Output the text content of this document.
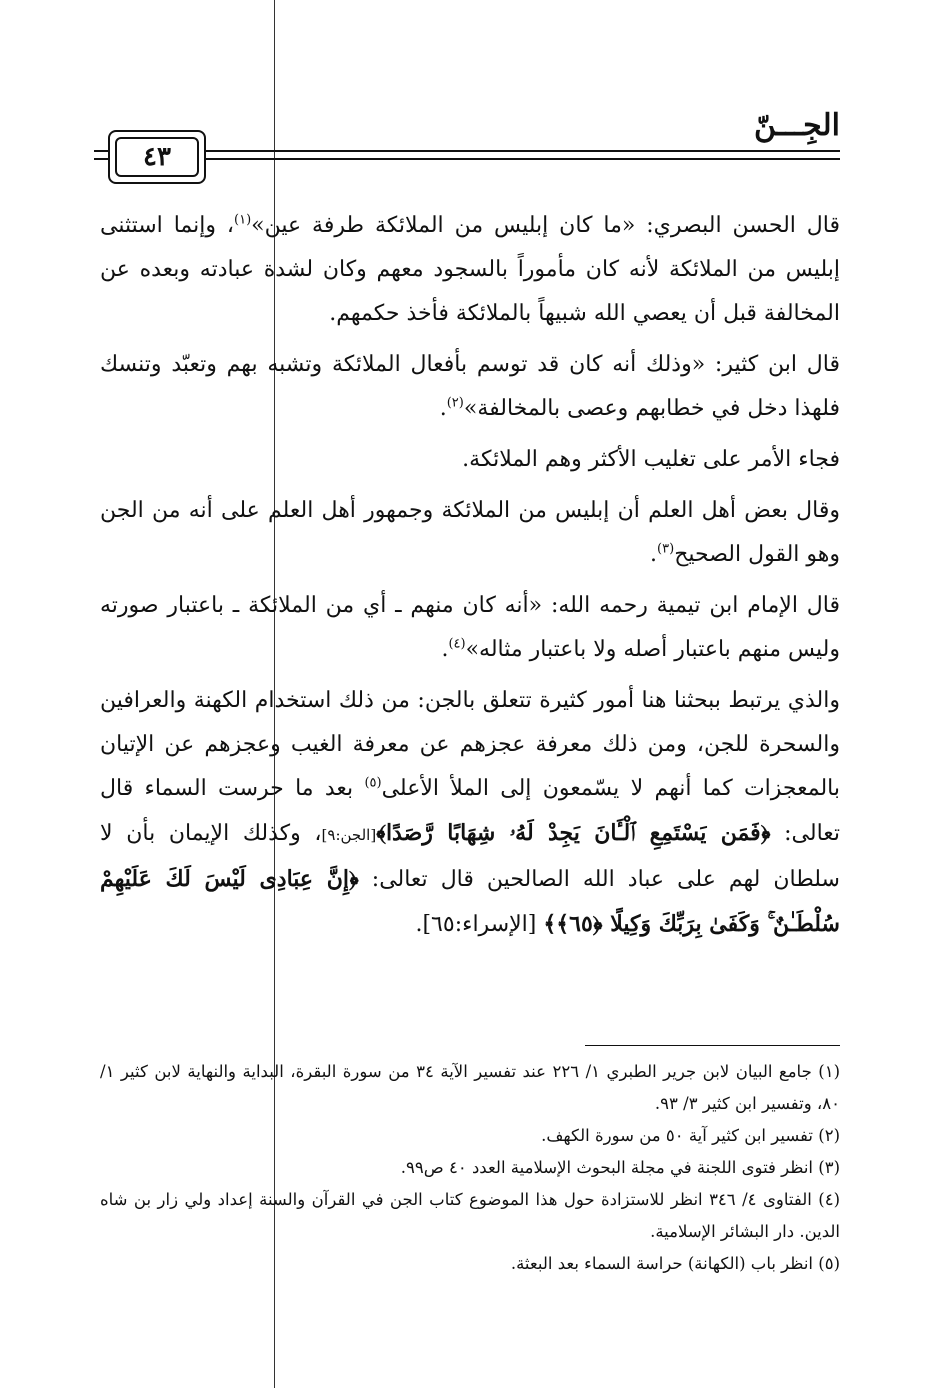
الجِـــنّ
٤٣

قال الحسن البصري: «ما كان إبليس من الملائكة طرفة عين»$^{(١)}$، وإنما استثنى إبليس من الملائكة لأنه كان مأموراً بالسجود معهم وكان لشدة عبادته وبعده عن المخالفة قبل أن يعصي الله شبيهاً بالملائكة فأخذ حكمهم.

قال ابن كثير: «وذلك أنه كان قد توسم بأفعال الملائكة وتشبه بهم وتعبّد وتنسك فلهذا دخل في خطابهم وعصى بالمخالفة»$^{(٢)}$.

فجاء الأمر على تغليب الأكثر وهم الملائكة.

وقال بعض أهل العلم أن إبليس من الملائكة وجمهور أهل العلم على أنه من الجن وهو القول الصحيح$^{(٣)}$.

قال الإمام ابن تيمية رحمه الله: «أنه كان منهم ـ أي من الملائكة ـ باعتبار صورته وليس منهم باعتبار أصله ولا باعتبار مثاله»$^{(٤)}$.

والذي يرتبط ببحثنا هنا أمور كثيرة تتعلق بالجن: من ذلك استخدام الكهنة والعرافين والسحرة للجن، ومن ذلك معرفة عجزهم عن معرفة الغيب وعجزهم عن الإتيان بالمعجزات كما أنهم لا يسّمعون إلى الملأ الأعلى$^{(٥)}$ بعد ما حرست السماء قال تعالى: ﴿فَمَن يَسْتَمِعِ ٱلْـَٔانَ يَجِدْ لَهُۥ شِهَابًا رَّصَدًا﴾[الجن:٩]، وكذلك الإيمان بأن لا سلطان لهم على عباد الله الصالحين قال تعالى: ﴿إِنَّ عِبَادِى لَيْسَ لَكَ عَلَيْهِمْ سُلْطَـٰنٌ ۚ وَكَفَىٰ بِرَبِّكَ وَكِيلًا ﴿٦٥﴾﴾ [الإسراء:٦٥].

(١) جامع البيان لابن جرير الطبري ١/ ٢٢٦ عند تفسير الآية ٣٤ من سورة البقرة، البداية والنهاية لابن كثير ١/ ٨٠، وتفسير ابن كثير ٣/ ٩٣.

(٢) تفسير ابن كثير آية ٥٠ من سورة الكهف.

(٣) انظر فتوى اللجنة في مجلة البحوث الإسلامية العدد ٤٠ ص٩٩.

(٤) الفتاوى ٤/ ٣٤٦ انظر للاستزادة حول هذا الموضوع كتاب الجن في القرآن والسنة إعداد ولي زار بن شاه الدين. دار البشائر الإسلامية.

(٥) انظر باب (الكهانة) حراسة السماء بعد البعثة.
